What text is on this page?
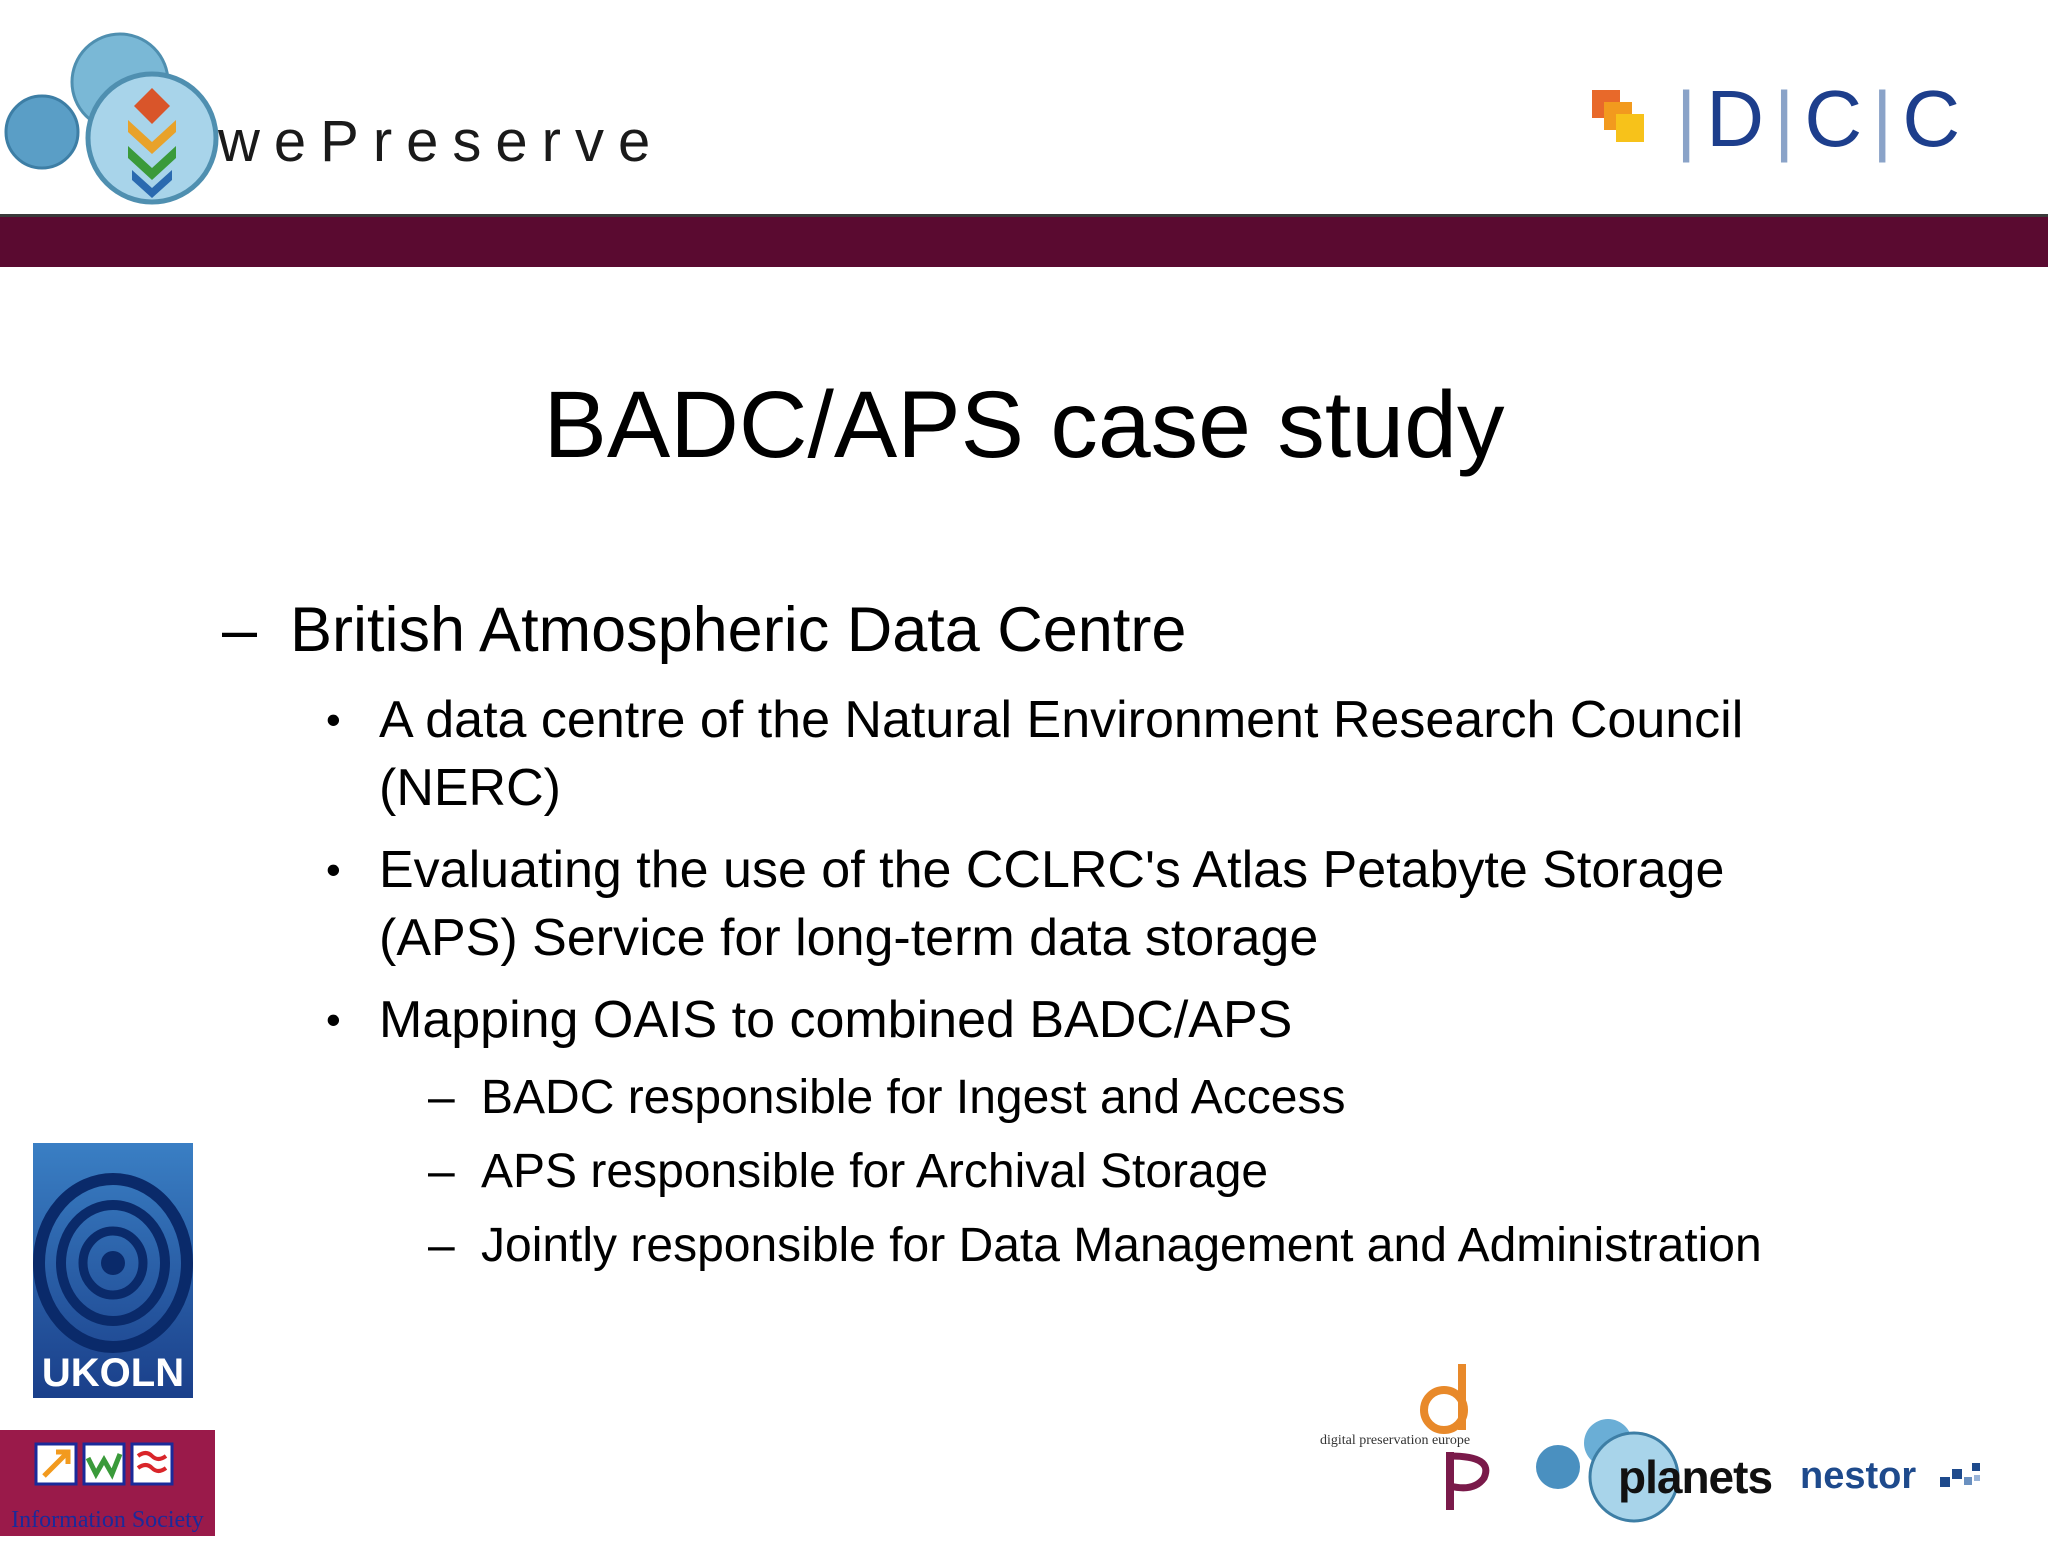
wePreserve	| D | C | C
BADC/APS case study
– British Atmospheric Data Centre
• A data centre of the Natural Environment Research Council
(NERC)
• Evaluating the use of the CCLRC's Atlas Petabyte Storage
(APS) Service for long-term data storage
• Mapping OAIS to combined BADC/APS
– BADC responsible for Ingest and Access
– APS responsible for Archival Storage
– Jointly responsible for Data Management and Administration
UKOLN
Information Society
digital preservation europe
planets nestor
